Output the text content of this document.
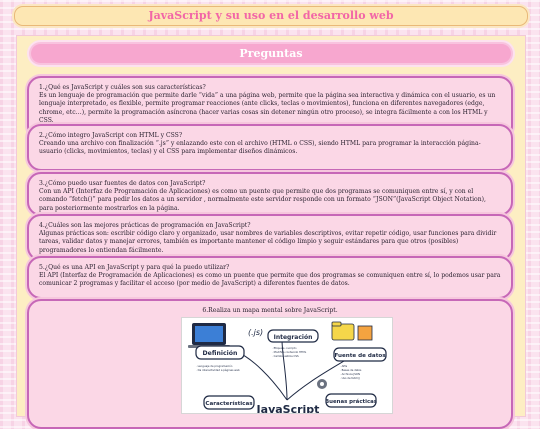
JavaScript y su uso en el desarrollo web
Preguntas

1.¿Qué es JavaScript y cuáles son sus características?

Es un lenguaje de programación que permite darle “vida” a una página web, permite que la página sea interactiva y dinámica con el usuario, es un lenguaje interpretado, es flexible, permite programar reacciones (ante clicks, teclas o movimientos), funciona en diferentes navegadores (edge, chrome, etc…), permite la programación asíncrona (hacer varias cosas sin detener ningún otro proceso), se integra fácilmente a con los HTML y CSS.

2.¿Cómo integro JavaScript con HTML y CSS?

Creando una archivo con finalización “.js” y enlazando este con el archivo (HTML o CSS), siendo HTML para programar la interacción página-usuario (clicks, movimientos, teclas) y el CSS para implementar diseños dinámicos.

3.¿Cómo puedo usar fuentes de datos con JavaScript?

Con un API (Interfaz de Programación de Aplicaciones) es como un puente que permite que dos programas se comuniquen entre sí, y con el comando “fetch()” para pedir los datos a un servidor , normalmente este servidor responde con un formato “JSON”(JavaScript Object Notation), para posteriormente mostrarlos en la página.

4.¿Cuáles son las mejores prácticas de programación en JavaScript?

Algunas prácticas son: escribir código claro y organizado, usar nombres de variables descriptivos, evitar repetir código, usar funciones para dividir tareas, validar datos y manejar errores, también es importante mantener el código limpio y seguir estándares para que otros (posibles) programadores lo entiendan fácilmente.

5.¿Qué es una API en JavaScript y para qué la puedo utilizar?

El API (Interfaz de Programación de Aplicaciones) es como un puente que permite que dos programas se comuniquen entre sí, lo podemos usar para comunicar 2 programas y facilitar el acceso (por medio de JavaScript) a diferentes fuentes de datos.

6.Realiza un mapa mental sobre JavaScript.

(.js)
Integración
· Etiqueta <script>
· Modifica contenido HTML
· Cambia estilos CSS
Definición
· Lenguaje de programación
· Da interactividad a páginas web
Fuente de datos
· APIs
· Bases de datos
· Archivos JSON
· Uso de fetch()
Características JavaScript
Buenas prácticas
